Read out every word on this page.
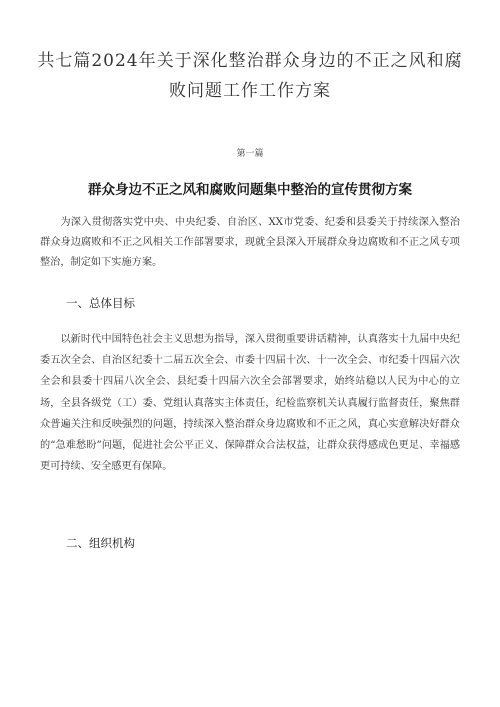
共七篇2024年关于深化整治群众身边的不正之风和腐败问题工作工作方案
第一篇
群众身边不正之风和腐败问题集中整治的宣传贯彻方案

为深入贯彻落实党中央、中央纪委、自治区、XX市党委、纪委和县委关于持续深入整治群众身边腐败和不正之风相关工作部署要求，现就全县深入开展群众身边腐败和不正之风专项整治，制定如下实施方案。

一、总体目标

以新时代中国特色社会主义思想为指导，深入贯彻重要讲话精神，认真落实十九届中央纪委五次全会、自治区纪委十二届五次全会、市委十四届十次、十一次全会、市纪委十四届六次全会和县委十四届八次全会、县纪委十四届六次全会部署要求，始终站稳以人民为中心的立场，全县各级党（工）委、党组认真落实主体责任，纪检监察机关认真履行监督责任，聚焦群众普遍关注和反映强烈的问题，持续深入整治群众身边腐败和不正之风，真心实意解决好群众的“急难愁盼”问题，促进社会公平正义、保障群众合法权益，让群众获得感成色更足、幸福感更可持续、安全感更有保障。

二、组织机构
